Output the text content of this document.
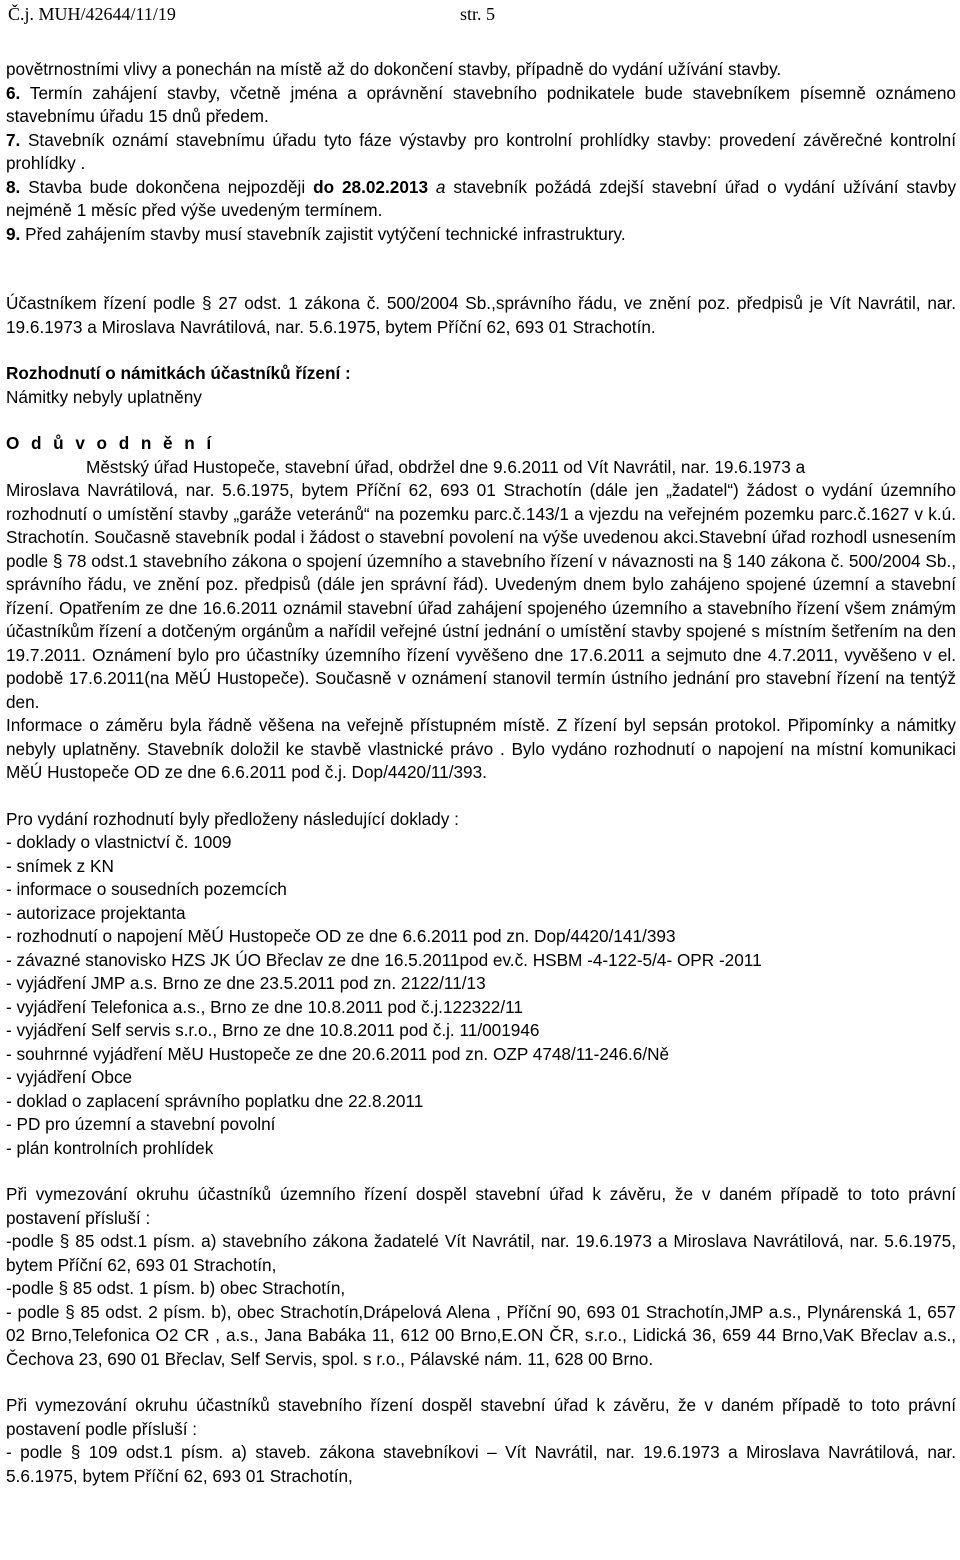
Č.j. MUH/42644/11/19	str. 5

povětrnostními vlivy a ponechán na místě až do dokončení stavby, případně do vydání užívání stavby.

6. Termín zahájení stavby, včetně jména a oprávnění stavebního podnikatele bude stavebníkem písemně oznámeno stavebnímu úřadu 15 dnů předem.

7. Stavebník oznámí stavebnímu úřadu tyto fáze výstavby pro kontrolní prohlídky stavby: provedení závěrečné kontrolní prohlídky .

8. Stavba bude dokončena nejpozději do 28.02.2013 a stavebník požádá zdejší stavební úřad o vydání užívání stavby nejméně 1 měsíc před výše uvedeným termínem.

9. Před zahájením stavby musí stavebník zajistit vytýčení technické infrastruktury.

Účastníkem řízení podle § 27 odst. 1 zákona č. 500/2004 Sb.,správního řádu, ve znění poz. předpisů je Vít Navrátil, nar. 19.6.1973 a Miroslava Navrátilová, nar. 5.6.1975, bytem Příční 62, 693 01 Strachotín.

Rozhodnutí o námitkách účastníků řízení :

Námitky nebyly uplatněny

O d ů v o d n ě n í

Městský úřad Hustopeče, stavební úřad, obdržel dne 9.6.2011 od Vít Navrátil, nar. 19.6.1973 a

Miroslava Navrátilová, nar. 5.6.1975, bytem Příční 62, 693 01 Strachotín (dále jen „žadatel“) žádost o vydání územního rozhodnutí o umístění stavby „garáže veteránů“ na pozemku parc.č.143/1 a vjezdu na veřejném pozemku parc.č.1627 v k.ú. Strachotín. Současně stavebník podal i žádost o stavební povolení na výše uvedenou akci.Stavební úřad rozhodl usnesením podle § 78 odst.1 stavebního zákona o spojení územního a stavebního řízení v návaznosti na § 140 zákona č. 500/2004 Sb., správního řádu, ve znění poz. předpisů (dále jen správní řád). Uvedeným dnem bylo zahájeno spojené územní a stavební řízení. Opatřením ze dne 16.6.2011 oznámil stavební úřad zahájení spojeného územního a stavebního řízení všem známým účastníkům řízení a dotčeným orgánům a nařídil veřejné ústní jednání o umístění stavby spojené s místním šetřením na den 19.7.2011. Oznámení bylo pro účastníky územního řízení vyvěšeno dne 17.6.2011 a sejmuto dne 4.7.2011, vyvěšeno v el. podobě 17.6.2011(na MěÚ Hustopeče). Současně v oznámení stanovil termín ústního jednání pro stavební řízení na tentýž den.

Informace o záměru byla řádně věšena na veřejně přístupném místě. Z řízení byl sepsán protokol. Připomínky a námitky nebyly uplatněny. Stavebník doložil ke stavbě vlastnické právo . Bylo vydáno rozhodnutí o napojení na místní komunikaci MěÚ Hustopeče OD ze dne 6.6.2011 pod č.j. Dop/4420/11/393.

Pro vydání rozhodnutí byly předloženy následující doklady :

- doklady o vlastnictví č. 1009
- snímek z KN
- informace o sousedních pozemcích
- autorizace projektanta
- rozhodnutí o napojení MěÚ Hustopeče OD ze dne 6.6.2011 pod zn. Dop/4420/141/393
- závazné stanovisko HZS JK ÚO Břeclav ze dne 16.5.2011pod ev.č. HSBM -4-122-5/4- OPR -2011
- vyjádření JMP a.s. Brno ze dne 23.5.2011 pod zn. 2122/11/13
- vyjádření Telefonica a.s., Brno ze dne 10.8.2011 pod č.j.122322/11
- vyjádření Self servis s.r.o., Brno ze dne 10.8.2011 pod č.j. 11/001946
- souhrnné vyjádření MěU Hustopeče ze dne 20.6.2011 pod zn. OZP 4748/11-246.6/Ně
- vyjádření Obce
- doklad o zaplacení správního poplatku dne 22.8.2011
- PD pro územní a stavební povolní
- plán kontrolních prohlídek

Při vymezování okruhu účastníků územního řízení dospěl stavební úřad k závěru, že v daném případě to toto právní postavení přísluší :

-podle § 85 odst.1 písm. a) stavebního zákona žadatelé Vít Navrátil, nar. 19.6.1973 a Miroslava Navrátilová, nar. 5.6.1975, bytem Příční 62, 693 01 Strachotín,

-podle § 85 odst. 1 písm. b) obec Strachotín,

- podle § 85 odst. 2 písm. b), obec Strachotín,Drápelová Alena , Příční 90, 693 01 Strachotín,JMP a.s., Plynárenská 1, 657 02 Brno,Telefonica O2 CR , a.s., Jana Babáka 11, 612 00 Brno,E.ON ČR, s.r.o., Lidická 36, 659 44 Brno,VaK Břeclav a.s., Čechova 23, 690 01 Břeclav, Self Servis, spol. s r.o., Pálavské nám. 11, 628 00 Brno.

Při vymezování okruhu účastníků stavebního řízení dospěl stavební úřad k závěru, že v daném případě to toto právní postavení podle přísluší :

- podle § 109 odst.1 písm. a) staveb. zákona stavebníkovi – Vít Navrátil, nar. 19.6.1973 a Miroslava Navrátilová, nar. 5.6.1975, bytem Příční 62, 693 01 Strachotín,
